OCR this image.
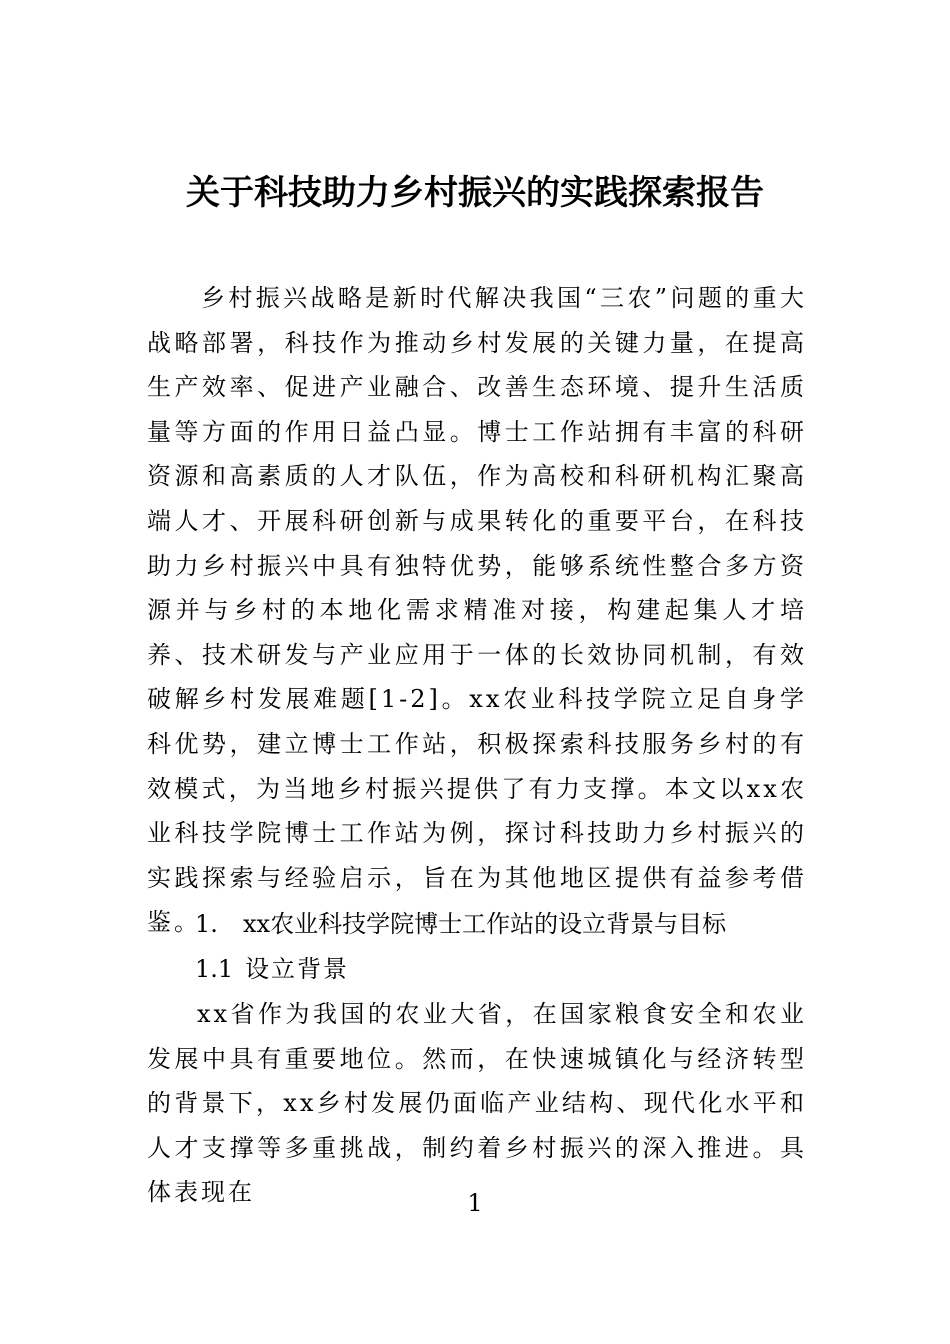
关于科技助力乡村振兴的实践探索报告
乡村振兴战略是新时代解决我国“三农”问题的重大战略部署，科技作为推动乡村发展的关键力量，在提高生产效率、促进产业融合、改善生态环境、提升生活质量等方面的作用日益凸显。博士工作站拥有丰富的科研资源和高素质的人才队伍，作为高校和科研机构汇聚高端人才、开展科研创新与成果转化的重要平台，在科技助力乡村振兴中具有独特优势，能够系统性整合多方资源并与乡村的本地化需求精准对接，构建起集人才培养、技术研发与产业应用于一体的长效协同机制，有效破解乡村发展难题[1-2]。xx农业科技学院立足自身学科优势，建立博士工作站，积极探索科技服务乡村的有效模式，为当地乡村振兴提供了有力支撑。本文以xx农业科技学院博士工作站为例，探讨科技助力乡村振兴的实践探索与经验启示，旨在为其他地区提供有益参考借鉴。
1. xx农业科技学院博士工作站的设立背景与目标
1.1 设立背景
xx省作为我国的农业大省，在国家粮食安全和农业发展中具有重要地位。然而，在快速城镇化与经济转型的背景下，xx乡村发展仍面临产业结构、现代化水平和人才支撑等多重挑战，制约着乡村振兴的深入推进。具体表现在	1
